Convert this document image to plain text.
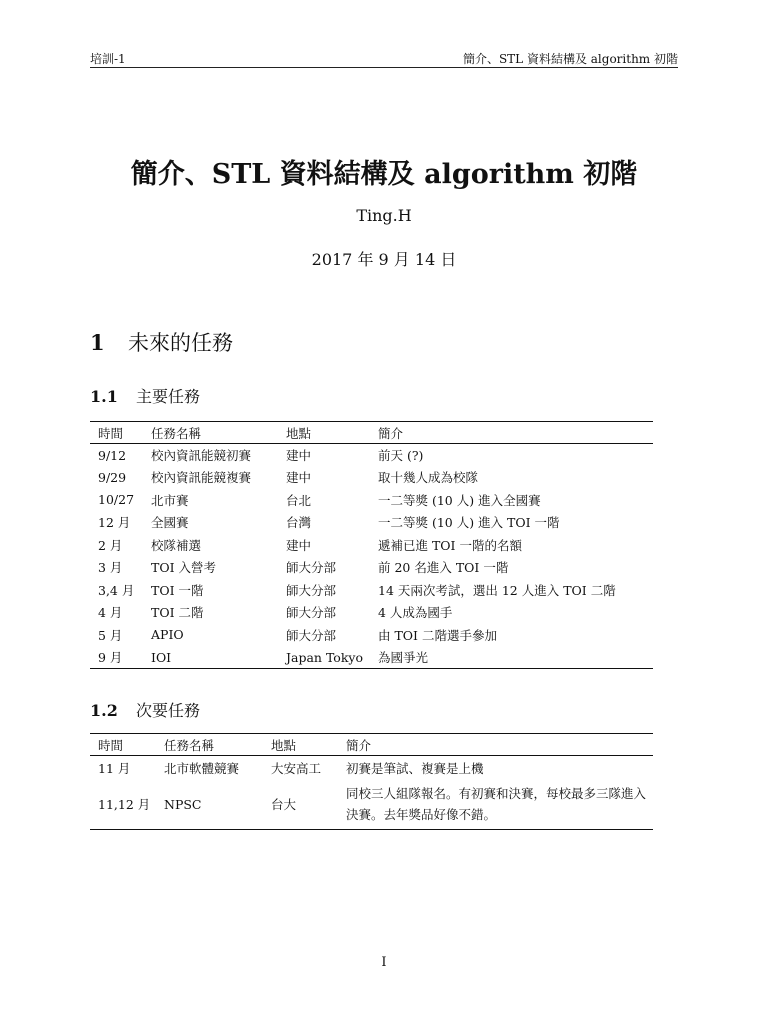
培訓-1	簡介、STL 資料結構及 algorithm 初階
簡介、STL 資料結構及 algorithm 初階
Ting.H
2017 年 9 月 14 日
1 未來的任務
1.1 主要任務
時間	任務名稱	地點	簡介
9/12	校內資訊能競初賽	建中	前天 (?)
9/29	校內資訊能競複賽	建中	取十幾人成為校隊
10/27	北市賽	台北	一二等獎 (10 人) 進入全國賽
12 月	全國賽	台灣	一二等獎 (10 人) 進入 TOI 一階
2 月	校隊補選	建中	遞補已進 TOI 一階的名額
3 月	TOI 入營考	師大分部	前 20 名進入 TOI 一階
3,4 月	TOI 一階	師大分部	14 天兩次考試，選出 12 人進入 TOI 二階
4 月	TOI 二階	師大分部	4 人成為國手
5 月	APIO	師大分部	由 TOI 二階選手參加
9 月	IOI	Japan Tokyo	為國爭光
1.2 次要任務
時間	任務名稱	地點	簡介
11 月	北市軟體競賽	大安高工	初賽是筆試、複賽是上機
11,12 月	NPSC	台大	同校三人組隊報名。有初賽和決賽，每校最多三隊進入決賽。去年獎品好像不錯。
I
